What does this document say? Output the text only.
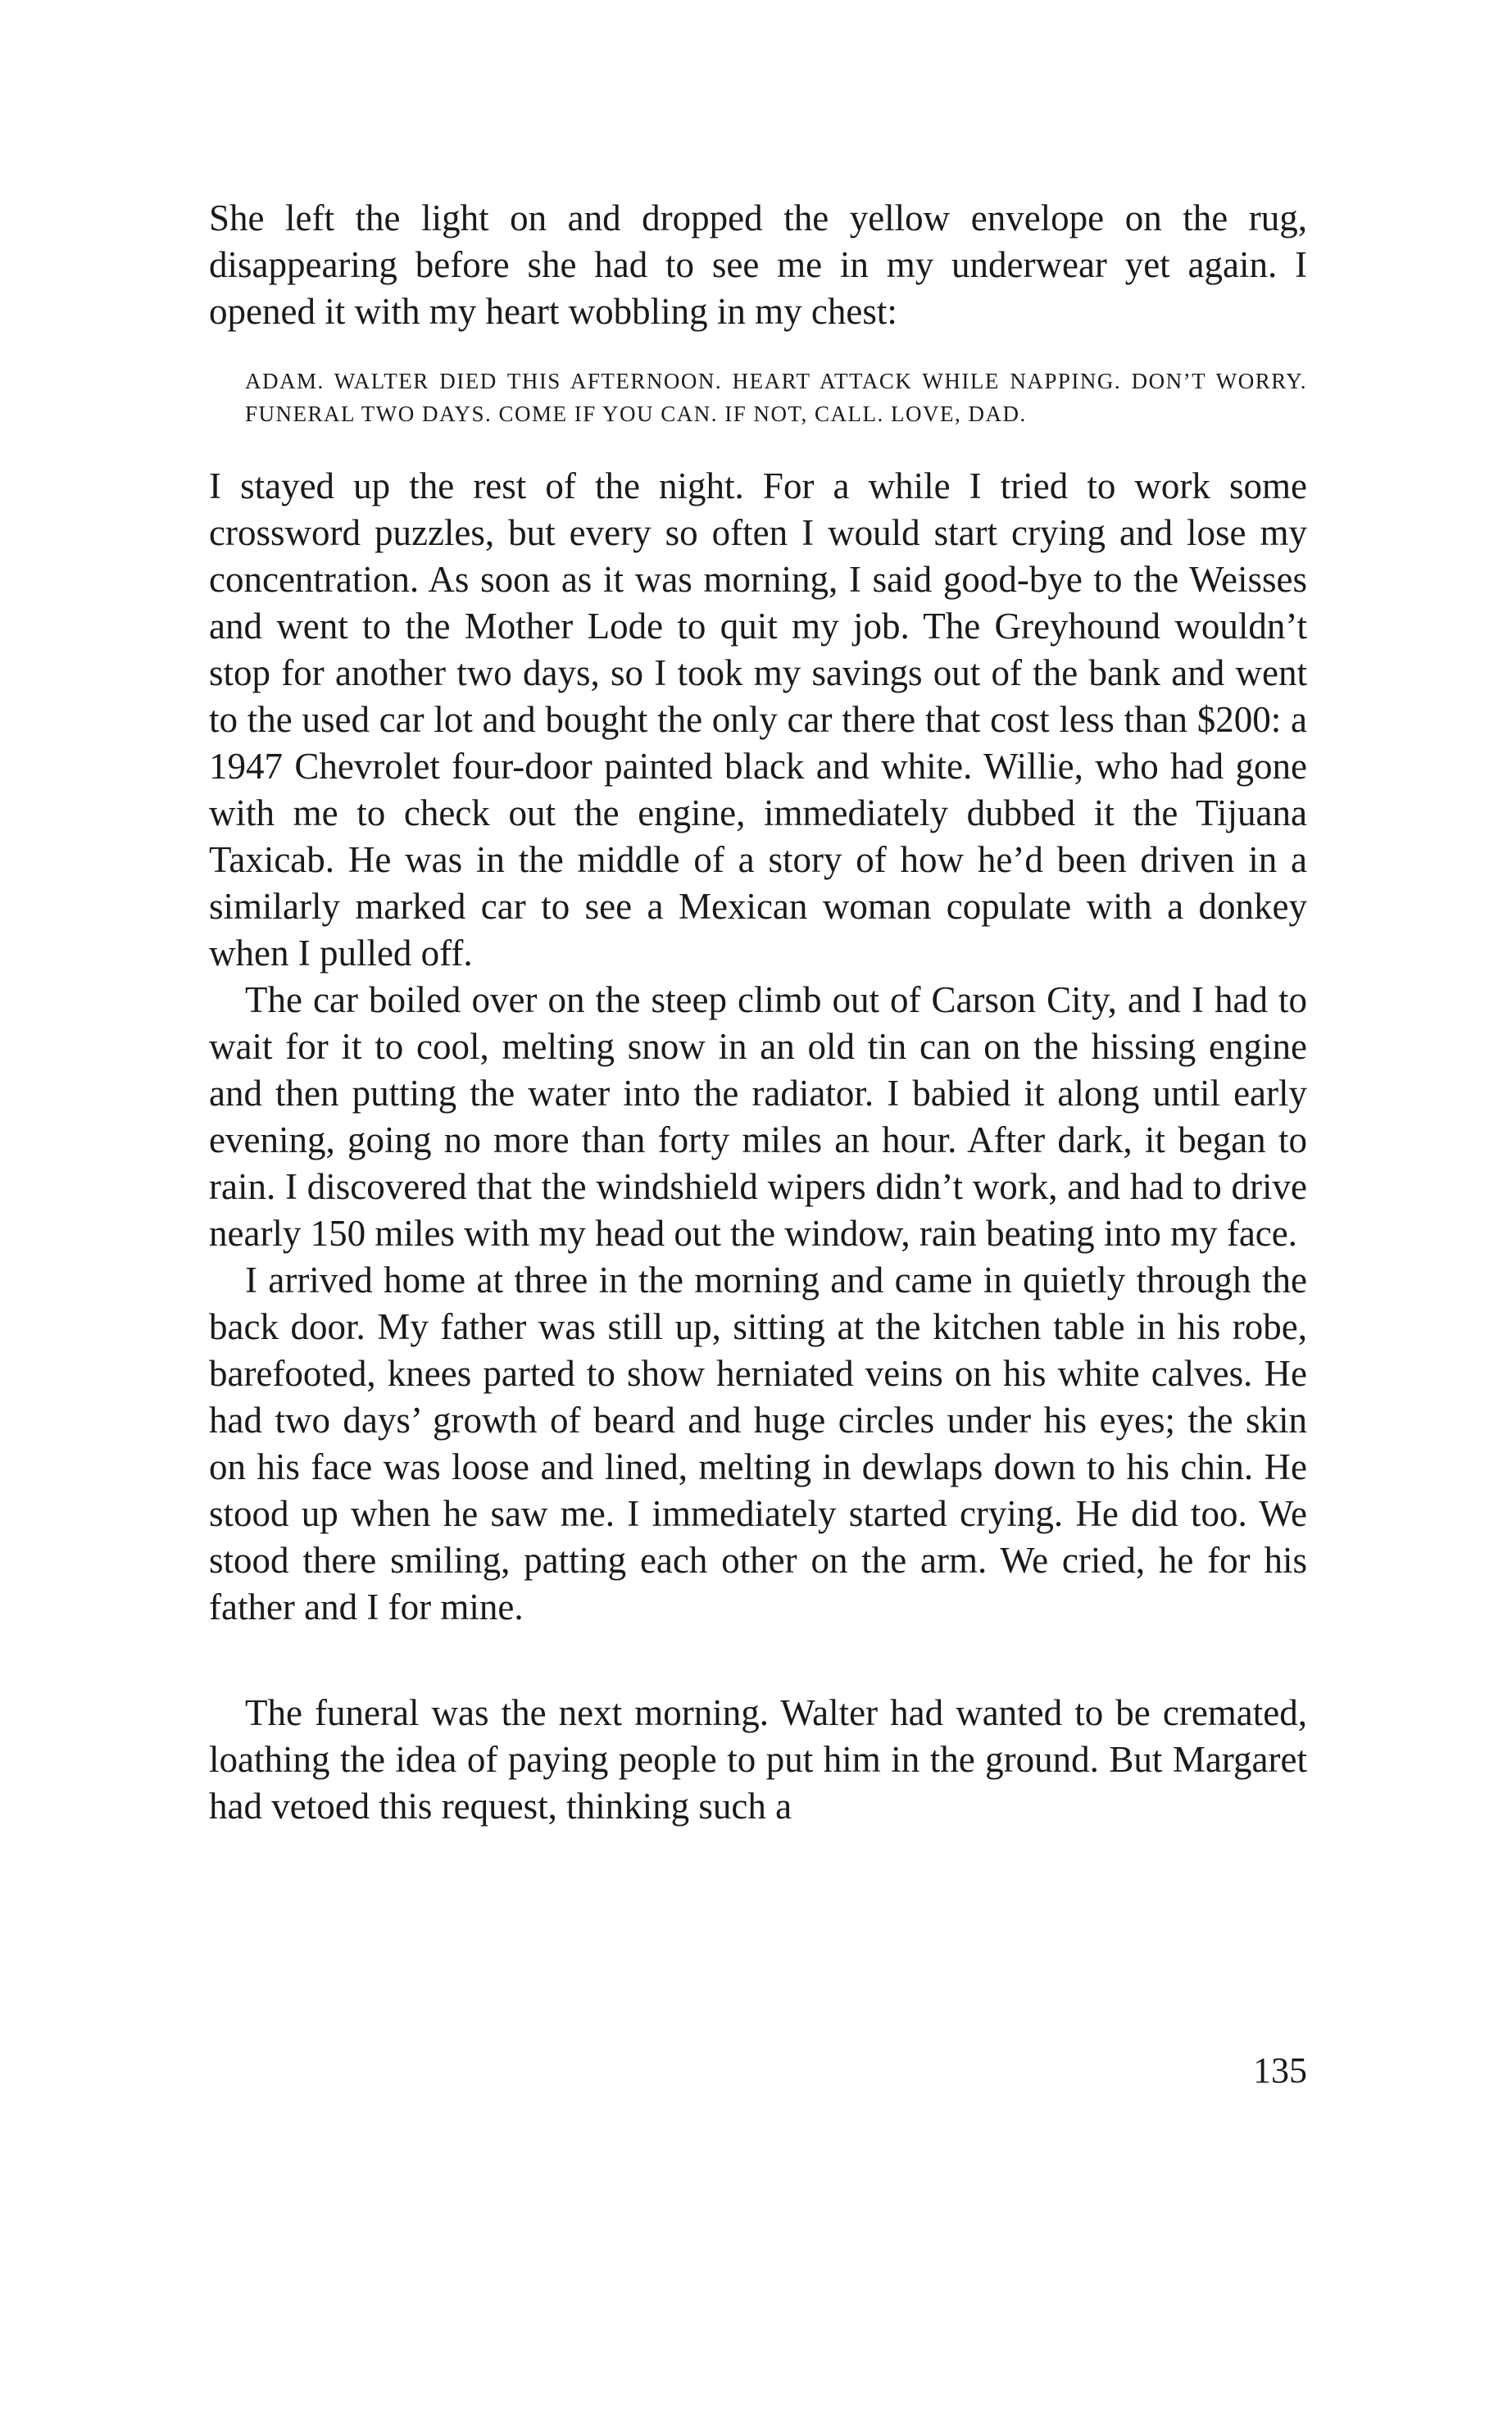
She left the light on and dropped the yellow envelope on the rug, disappearing before she had to see me in my underwear yet again. I opened it with my heart wobbling in my chest:

ADAM. WALTER DIED THIS AFTERNOON. HEART ATTACK WHILE NAPPING. DON’T WORRY. FUNERAL TWO DAYS. COME IF YOU CAN. IF NOT, CALL. LOVE, DAD.

I stayed up the rest of the night. For a while I tried to work some crossword puzzles, but every so often I would start crying and lose my concentration. As soon as it was morning, I said good-bye to the Weisses and went to the Mother Lode to quit my job. The Greyhound wouldn’t stop for another two days, so I took my savings out of the bank and went to the used car lot and bought the only car there that cost less than $200: a 1947 Chevrolet four-door painted black and white. Willie, who had gone with me to check out the engine, immediately dubbed it the Tijuana Taxicab. He was in the middle of a story of how he’d been driven in a similarly marked car to see a Mexican woman copulate with a donkey when I pulled off.

The car boiled over on the steep climb out of Carson City, and I had to wait for it to cool, melting snow in an old tin can on the hissing engine and then putting the water into the radiator. I babied it along until early evening, going no more than forty miles an hour. After dark, it began to rain. I discovered that the windshield wipers didn’t work, and had to drive nearly 150 miles with my head out the window, rain beating into my face.

I arrived home at three in the morning and came in quietly through the back door. My father was still up, sitting at the kitchen table in his robe, barefooted, knees parted to show herniated veins on his white calves. He had two days’ growth of beard and huge circles under his eyes; the skin on his face was loose and lined, melting in dewlaps down to his chin. He stood up when he saw me. I immediately started crying. He did too. We stood there smiling, patting each other on the arm. We cried, he for his father and I for mine.

The funeral was the next morning. Walter had wanted to be cremated, loathing the idea of paying people to put him in the ground. But Margaret had vetoed this request, thinking such a

135
